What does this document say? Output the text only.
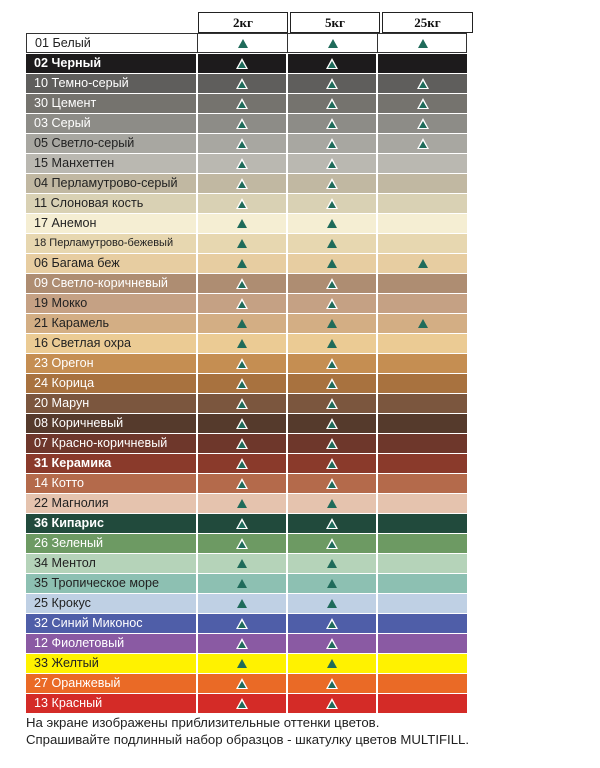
2кг	5кг	25кг
01 Белый
02 Черный
10 Темно-серый
30 Цемент
03 Серый
05 Светло-серый
15 Манхеттен
04 Перламутрово-серый
11 Слоновая кость
17 Анемон
18 Перламутрово-бежевый
06 Багама беж
09 Светло-коричневый
19 Мокко
21 Карамель
16 Светлая охра
23 Орегон
24 Корица
20 Марун
08 Коричневый
07 Красно-коричневый
31 Керамика
14 Котто
22 Магнолия
36 Кипарис
26 Зеленый
34 Ментол
35 Тропическое море
25 Крокус
32 Синий Миконос
12 Фиолетовый
33 Желтый
27 Оранжевый
13 Красный
На экране изображены приблизительные оттенки цветов.
Спрашивайте подлинный набор образцов - шкатулку цветов MULTIFILL.
